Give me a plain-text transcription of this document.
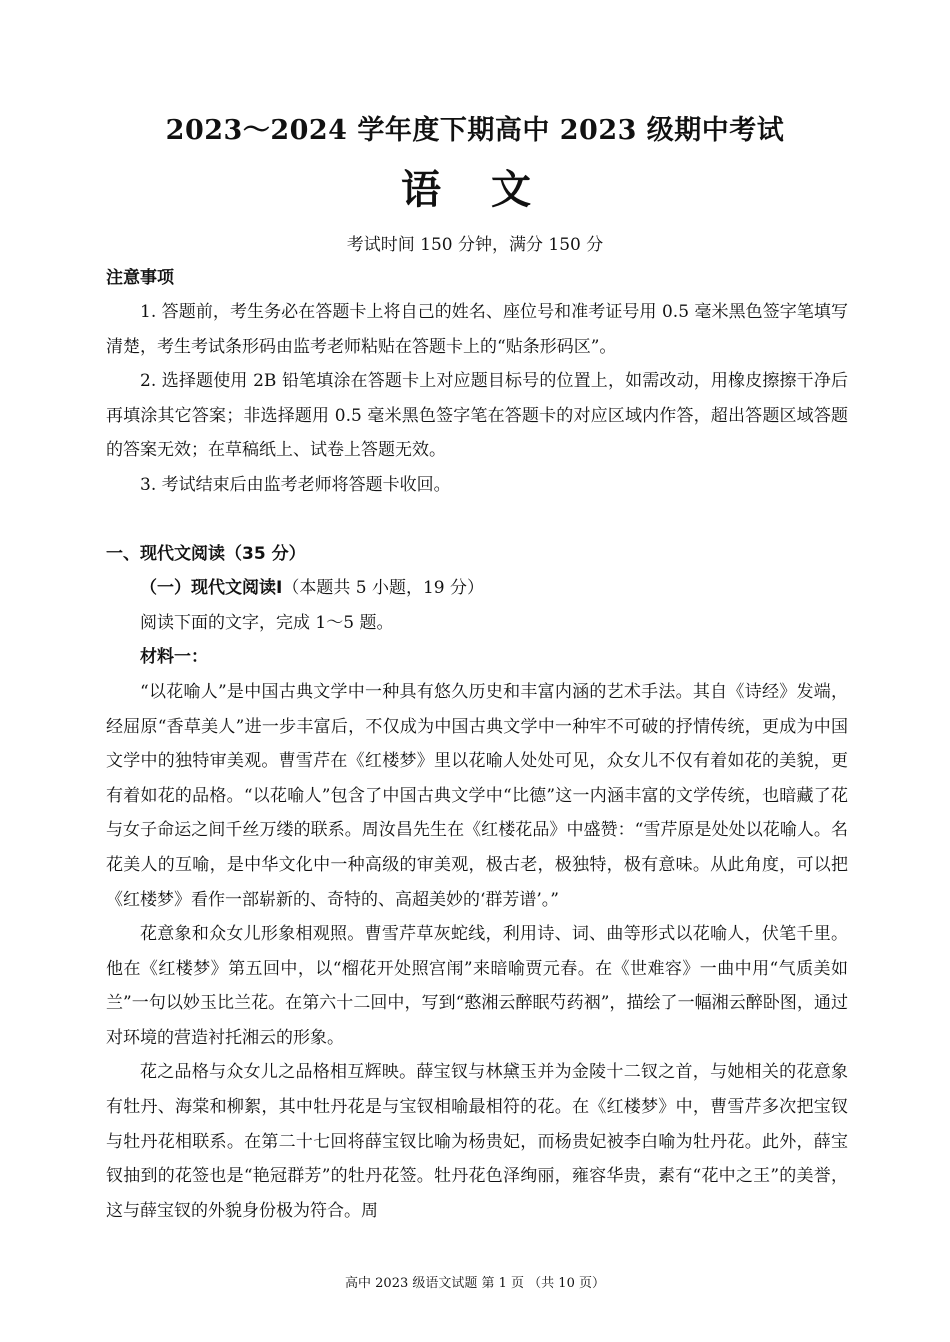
2023～2024 学年度下期高中 2023 级期中考试
语 文
考试时间 150 分钟，满分 150 分
注意事项

1. 答题前，考生务必在答题卡上将自己的姓名、座位号和准考证号用 0.5 毫米黑色签字笔填写清楚，考生考试条形码由监考老师粘贴在答题卡上的“贴条形码区”。

2. 选择题使用 2B 铅笔填涂在答题卡上对应题目标号的位置上，如需改动，用橡皮擦擦干净后再填涂其它答案；非选择题用 0.5 毫米黑色签字笔在答题卡的对应区域内作答，超出答题区域答题的答案无效；在草稿纸上、试卷上答题无效。

3. 考试结束后由监考老师将答题卡收回。

一、现代文阅读（35 分）

（一）现代文阅读Ⅰ（本题共 5 小题，19 分）

阅读下面的文字，完成 1～5 题。

材料一：

“以花喻人”是中国古典文学中一种具有悠久历史和丰富内涵的艺术手法。其自《诗经》发端，经屈原“香草美人”进一步丰富后，不仅成为中国古典文学中一种牢不可破的抒情传统，更成为中国文学中的独特审美观。曹雪芹在《红楼梦》里以花喻人处处可见，众女儿不仅有着如花的美貌，更有着如花的品格。“以花喻人”包含了中国古典文学中“比德”这一内涵丰富的文学传统，也暗藏了花与女子命运之间千丝万缕的联系。周汝昌先生在《红楼花品》中盛赞：“雪芹原是处处以花喻人。名花美人的互喻，是中华文化中一种高级的审美观，极古老，极独特，极有意味。从此角度，可以把《红楼梦》看作一部崭新的、奇特的、高超美妙的‘群芳谱’。”

花意象和众女儿形象相观照。曹雪芹草灰蛇线，利用诗、词、曲等形式以花喻人，伏笔千里。他在《红楼梦》第五回中，以“榴花开处照宫闱”来暗喻贾元春。在《世难容》一曲中用“气质美如兰”一句以妙玉比兰花。在第六十二回中，写到“憨湘云醉眠芍药裀”，描绘了一幅湘云醉卧图，通过对环境的营造衬托湘云的形象。

花之品格与众女儿之品格相互辉映。薛宝钗与林黛玉并为金陵十二钗之首，与她相关的花意象有牡丹、海棠和柳絮，其中牡丹花是与宝钗相喻最相符的花。在《红楼梦》中，曹雪芹多次把宝钗与牡丹花相联系。在第二十七回将薛宝钗比喻为杨贵妃，而杨贵妃被李白喻为牡丹花。此外，薛宝钗抽到的花签也是“艳冠群芳”的牡丹花签。牡丹花色泽绚丽，雍容华贵，素有“花中之王”的美誉，这与薛宝钗的外貌身份极为符合。周

高中 2023 级语文试题 第 1 页 （共 10 页）
